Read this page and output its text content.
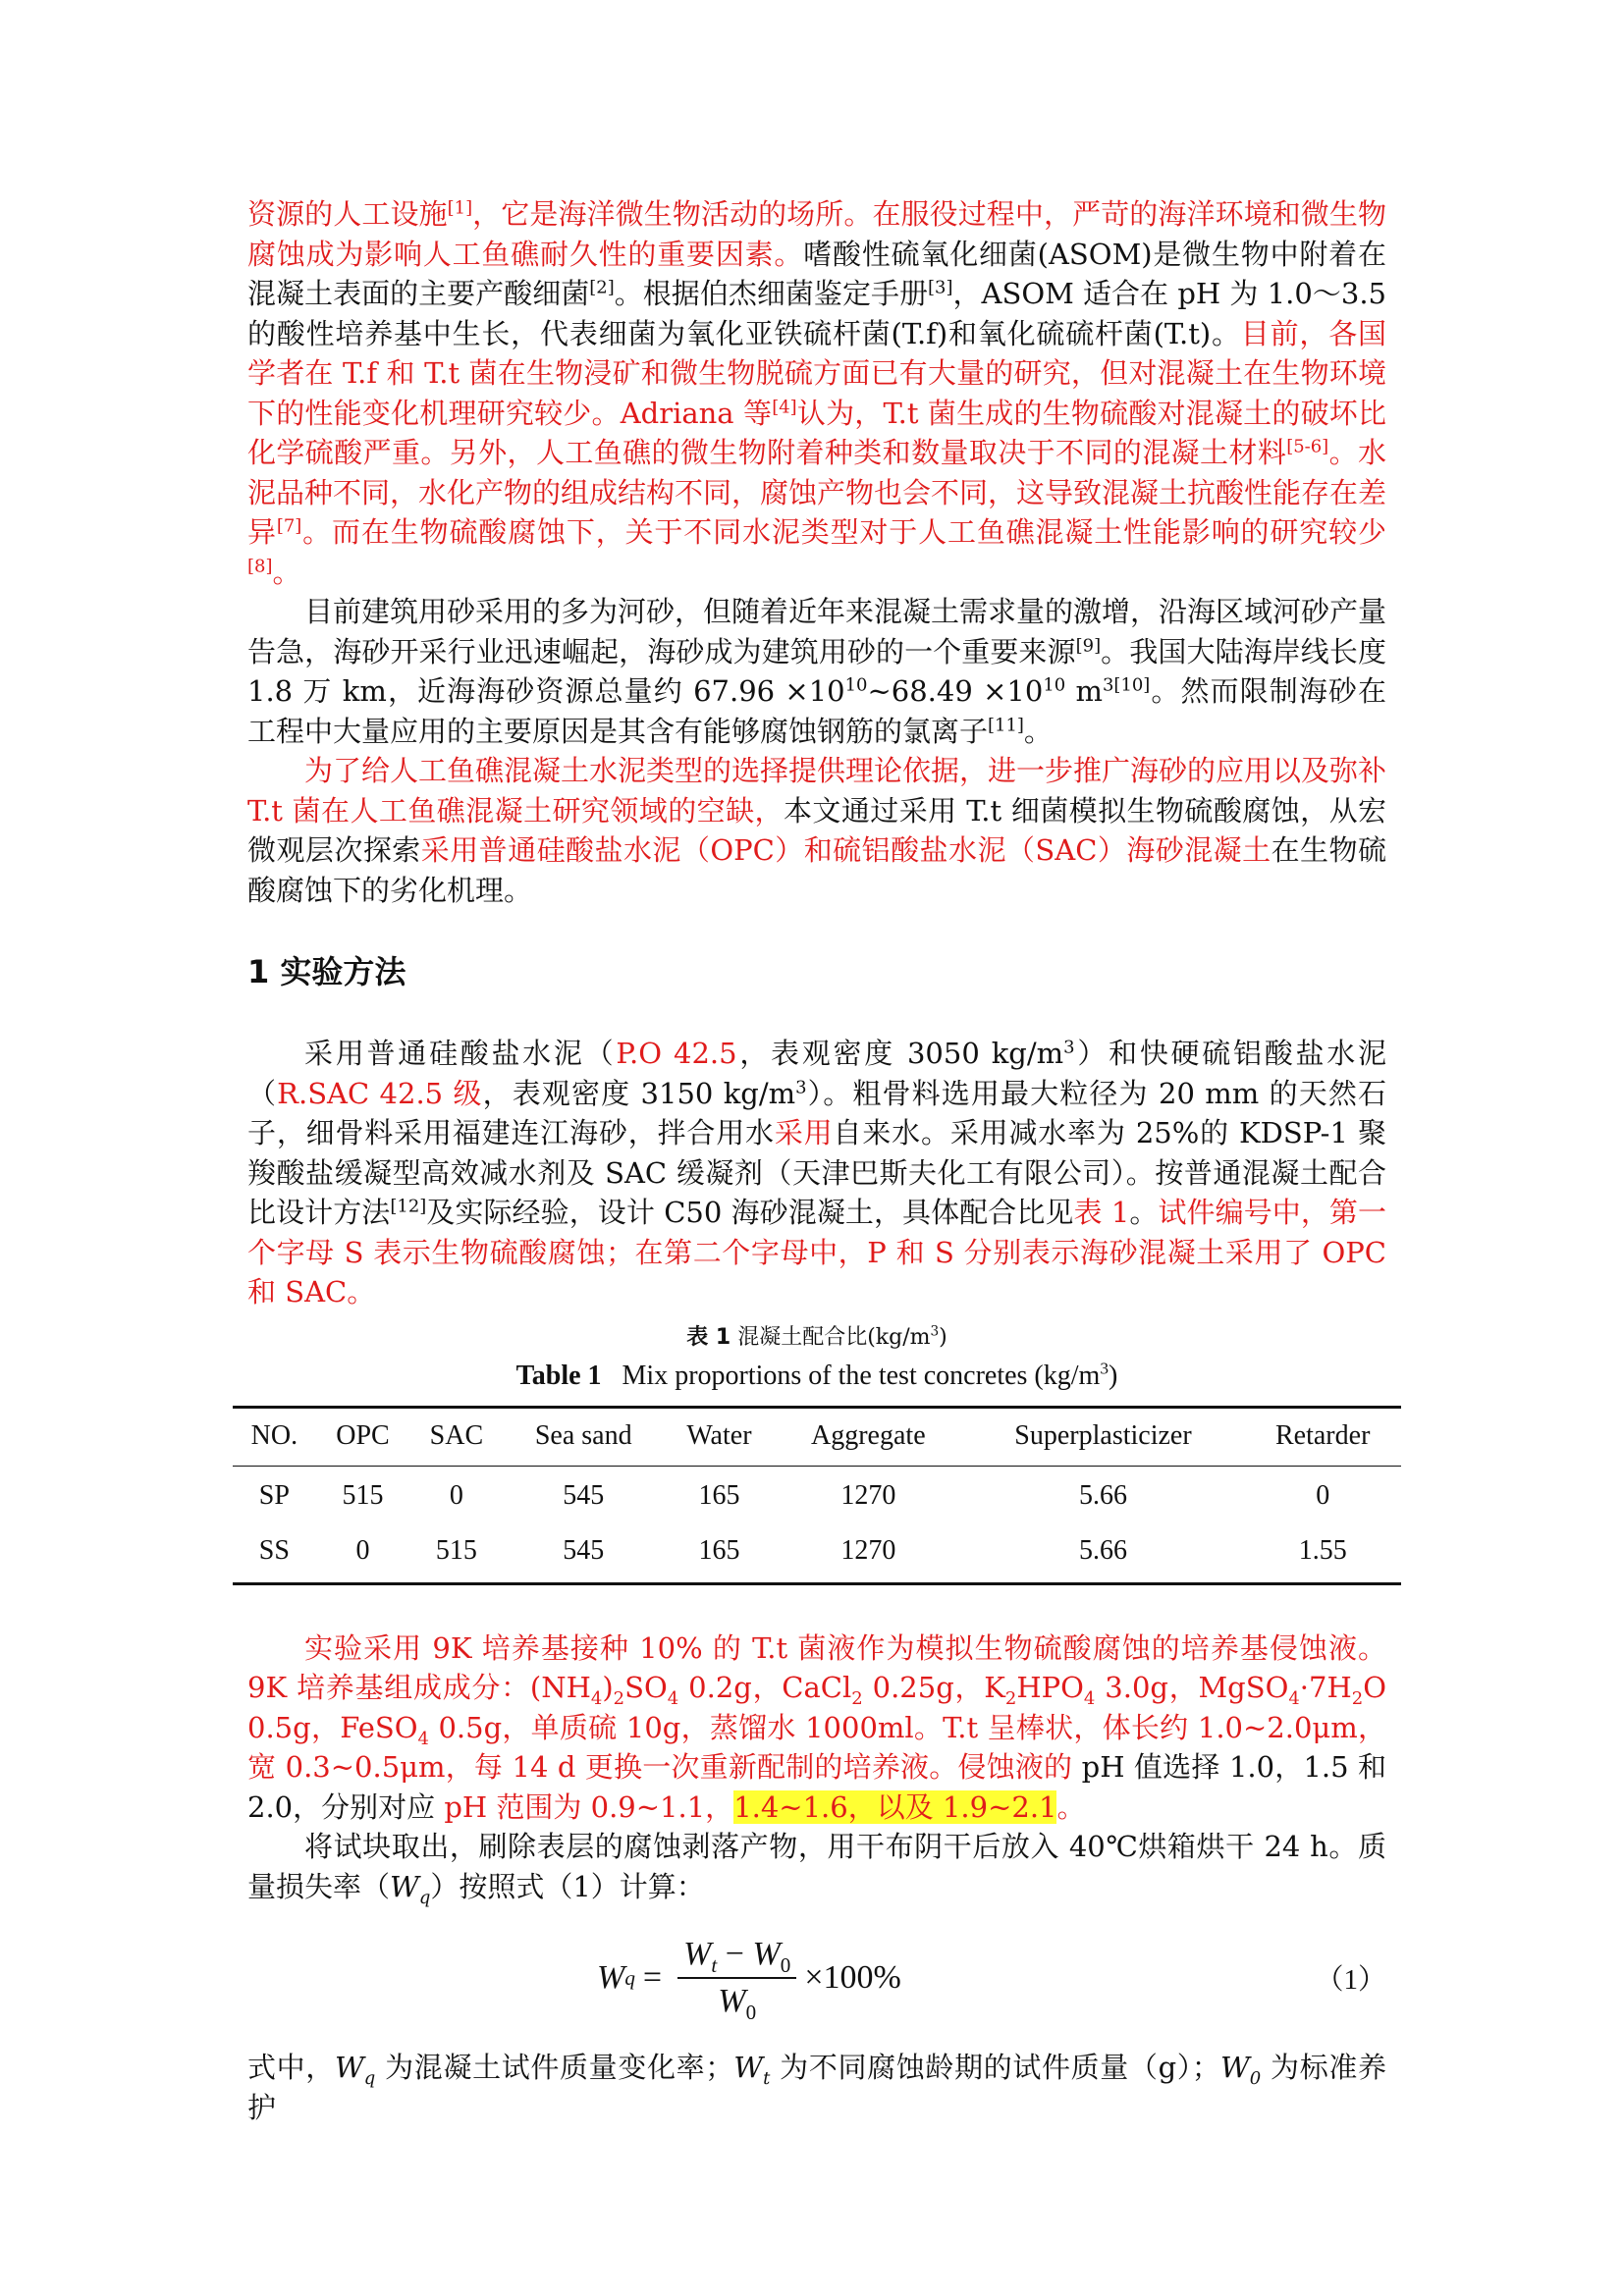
资源的人工设施[1]，它是海洋微生物活动的场所。在服役过程中，严苛的海洋环境和微生物腐蚀成为影响人工鱼礁耐久性的重要因素。嗜酸性硫氧化细菌(ASOM)是微生物中附着在混凝土表面的主要产酸细菌[2]。根据伯杰细菌鉴定手册[3]，ASOM 适合在 pH 为 1.0～3.5 的酸性培养基中生长，代表细菌为氧化亚铁硫杆菌(T.f)和氧化硫硫杆菌(T.t)。目前，各国学者在 T.f 和 T.t 菌在生物浸矿和微生物脱硫方面已有大量的研究，但对混凝土在生物环境下的性能变化机理研究较少。Adriana 等[4]认为，T.t 菌生成的生物硫酸对混凝土的破坏比化学硫酸严重。另外，人工鱼礁的微生物附着种类和数量取决于不同的混凝土材料[5-6]。水泥品种不同，水化产物的组成结构不同，腐蚀产物也会不同，这导致混凝土抗酸性能存在差异[7]。而在生物硫酸腐蚀下，关于不同水泥类型对于人工鱼礁混凝土性能影响的研究较少[8]。

目前建筑用砂采用的多为河砂，但随着近年来混凝土需求量的激增，沿海区域河砂产量告急，海砂开采行业迅速崛起，海砂成为建筑用砂的一个重要来源[9]。我国大陆海岸线长度 1.8 万 km，近海海砂资源总量约 $67.96 \times 10^{10}\sim 68.49 \times 10^{10}$ $m^{3[10]}$。然而限制海砂在工程中大量应用的主要原因是其含有能够腐蚀钢筋的氯离子[11]。

为了给人工鱼礁混凝土水泥类型的选择提供理论依据，进一步推广海砂的应用以及弥补 T.t 菌在人工鱼礁混凝土研究领域的空缺，本文通过采用 T.t 细菌模拟生物硫酸腐蚀，从宏微观层次探索采用普通硅酸盐水泥（OPC）和硫铝酸盐水泥（SAC）海砂混凝土在生物硫酸腐蚀下的劣化机理。

1 实验方法

采用普通硅酸盐水泥（P.O 42.5，表观密度 3050 $kg/m^3$）和快硬硫铝酸盐水泥（R.SAC 42.5 级，表观密度 3150 $kg/m^3$）。粗骨料选用最大粒径为 20 mm 的天然石子，细骨料采用福建连江海砂，拌合用水采用自来水。采用减水率为 25%的 KDSP-1 聚羧酸盐缓凝型高效减水剂及 SAC 缓凝剂（天津巴斯夫化工有限公司）。按普通混凝土配合比设计方法[12]及实际经验，设计 C50 海砂混凝土，具体配合比见表 1。试件编号中，第一个字母 S 表示生物硫酸腐蚀；在第二个字母中，P 和 S 分别表示海砂混凝土采用了 OPC 和 SAC。

表 1 混凝土配合比$(kg/m^3)$
Table 1 Mix proportions of the test concretes $(kg/m^3)$
NO.	OPC	SAC	Sea sand	Water	Aggregate	Superplasticizer	Retarder
SP	515	0	545	165	1270	5.66	0
SS	0	515	545	165	1270	5.66	1.55

实验采用 9K 培养基接种 10% 的 T.t 菌液作为模拟生物硫酸腐蚀的培养基侵蚀液。9K 培养基组成成分：$(NH_4)_2SO_4$ 0.2g，CaCl$_2$ 0.25g，$K_2HPO_4$ 3.0g，$MgSO_4\cdot 7H_2O$ 0.5g，FeSO$_4$ 0.5g，单质硫 10g，蒸馏水 1000ml。T.t 呈棒状，体长约 1.0~2.0μm，宽 0.3~0.5μm，每 14 d 更换一次重新配制的培养液。侵蚀液的 pH 值选择 1.0，1.5 和 2.0，分别对应 pH 范围为 0.9~1.1，1.4~1.6，以及 1.9~2.1。

将试块取出，刷除表层的腐蚀剥落产物，用干布阴干后放入 40℃烘箱烘干 24 h。质量损失率$(W_q)$按照式（1）计算：

W $q = \frac{W_t - W_0}{W_0} \times 100\%$	（1）

式中，$W_q$ 为混凝土试件质量变化率；$W_t$ 为不同腐蚀龄期的试件质量（g）；$W_0$ 为标准养护
